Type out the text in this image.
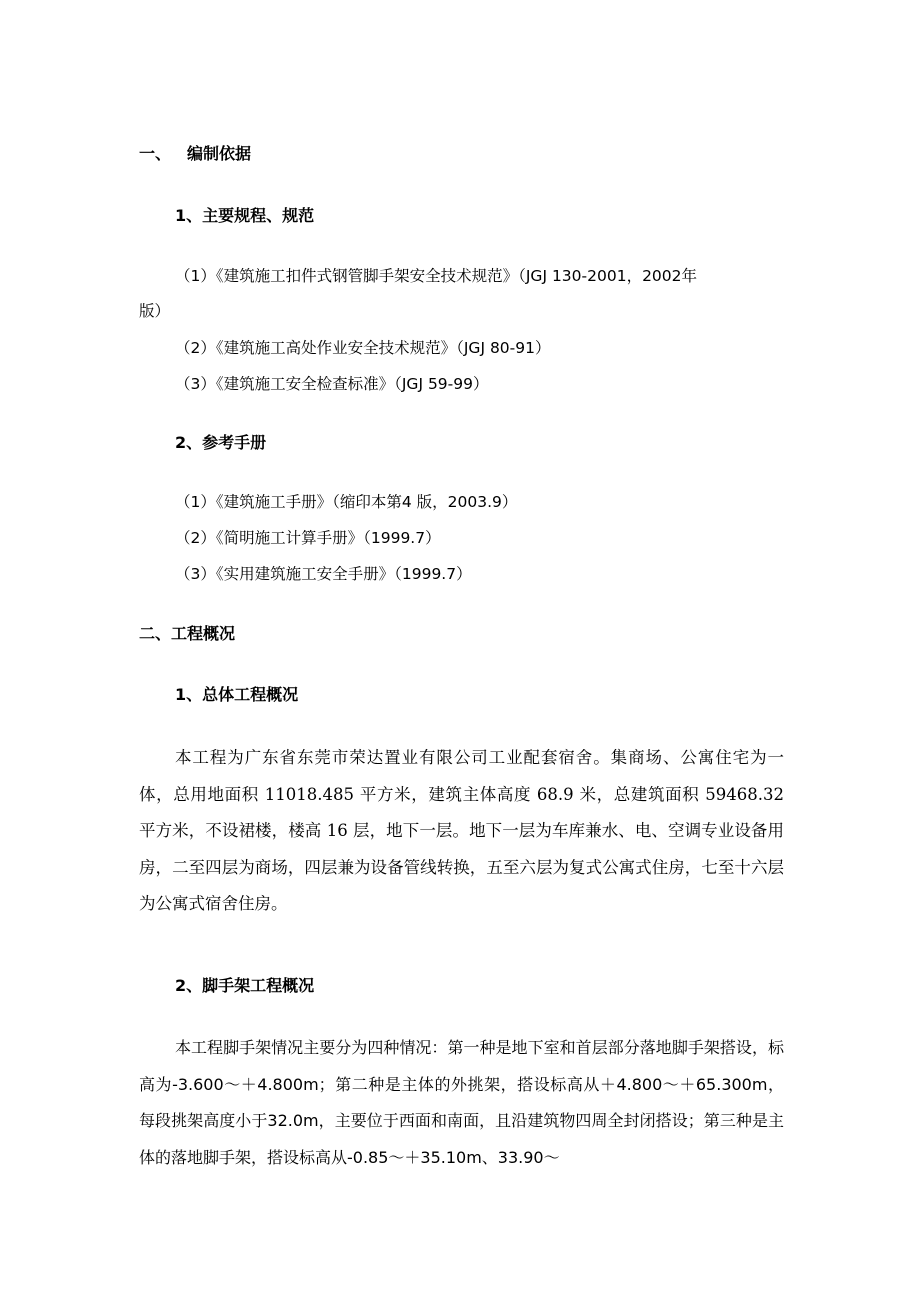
一、 编制依据
1、主要规程、规范
（1）《建筑施工扣件式钢管脚手架安全技术规范》（JGJ 130-2001，2002年
版）
（2）《建筑施工高处作业安全技术规范》（JGJ 80-91）
（3）《建筑施工安全检查标准》（JGJ 59-99）
2、参考手册
（1）《建筑施工手册》（缩印本第4 版，2003.9）
（2）《简明施工计算手册》（1999.7）
（3）《实用建筑施工安全手册》（1999.7）
二、工程概况
1、总体工程概况

本工程为广东省东莞市荣达置业有限公司工业配套宿舍。集商场、公寓住宅为一体，总用地面积 11018.485 平方米，建筑主体高度 68.9 米，总建筑面积 59468.32 平方米，不设裙楼，楼高 16 层，地下一层。地下一层为车库兼水、电、空调专业设备用房，二至四层为商场，四层兼为设备管线转换，五至六层为复式公寓式住房，七至十六层为公寓式宿舍住房。

2、脚手架工程概况

本工程脚手架情况主要分为四种情况：第一种是地下室和首层部分落地脚手架搭设，标高为-3.600～＋4.800m；第二种是主体的外挑架，搭设标高从＋4.800～＋65.300m，每段挑架高度小于32.0m，主要位于西面和南面，且沿建筑物四周全封闭搭设；第三种是主体的落地脚手架，搭设标高从-0.85～＋35.10m、33.90～
